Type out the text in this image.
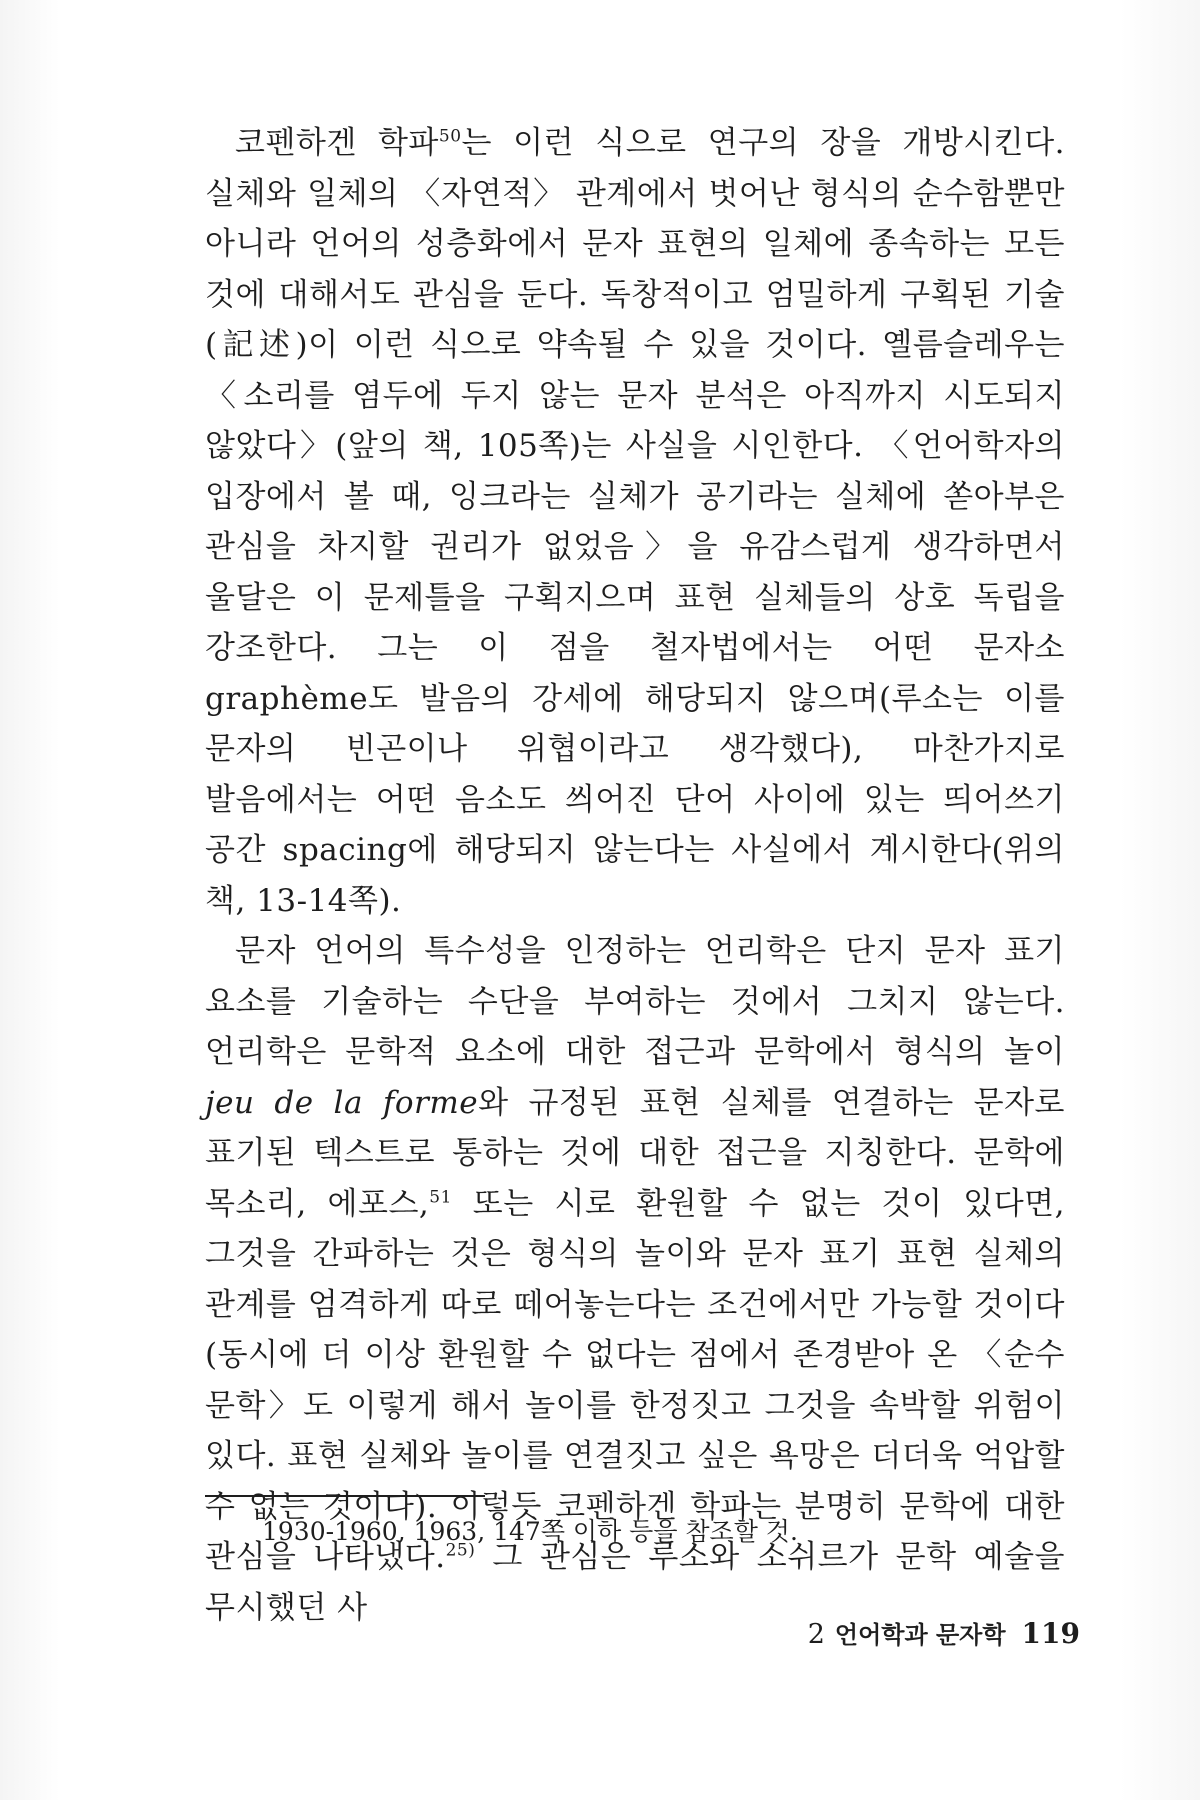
코펜하겐 학파$^{50}$는 이런 식으로 연구의 장을 개방시킨다. 실체와 일체의 〈자연적〉 관계에서 벗어난 형식의 순수함뿐만 아니라 언어의 성층화에서 문자 표현의 일체에 종속하는 모든 것에 대해서도 관심을 둔다. 독창적이고 엄밀하게 구획된 기술(記述)이 이런 식으로 약속될 수 있을 것이다. 옐름슬레우는 〈소리를 염두에 두지 않는 문자 분석은 아직까지 시도되지 않았다〉(앞의 책, 105쪽)는 사실을 시인한다. 〈언어학자의 입장에서 볼 때, 잉크라는 실체가 공기라는 실체에 쏟아부은 관심을 차지할 권리가 없었음〉을 유감스럽게 생각하면서 울달은 이 문제틀을 구획지으며 표현 실체들의 상호 독립을 강조한다. 그는 이 점을 철자법에서는 어떤 문자소 graphème도 발음의 강세에 해당되지 않으며(루소는 이를 문자의 빈곤이나 위협이라고 생각했다), 마찬가지로 발음에서는 어떤 음소도 씌어진 단어 사이에 있는 띄어쓰기 공간 spacing에 해당되지 않는다는 사실에서 계시한다(위의 책, 13-14쪽).

문자 언어의 특수성을 인정하는 언리학은 단지 문자 표기 요소를 기술하는 수단을 부여하는 것에서 그치지 않는다. 언리학은 문학적 요소에 대한 접근과 문학에서 형식의 놀이 jeu de la forme와 규정된 표현 실체를 연결하는 문자로 표기된 텍스트로 통하는 것에 대한 접근을 지칭한다. 문학에 목소리, 에포스,$^{51}$ 또는 시로 환원할 수 없는 것이 있다면, 그것을 간파하는 것은 형식의 놀이와 문자 표기 표현 실체의 관계를 엄격하게 따로 떼어놓는다는 조건에서만 가능할 것이다(동시에 더 이상 환원할 수 없다는 점에서 존경받아 온 〈순수 문학〉도 이렇게 해서 놀이를 한정짓고 그것을 속박할 위험이 있다. 표현 실체와 놀이를 연결짓고 싶은 욕망은 더더욱 억압할 수 없는 것이다). 이렇듯 코펜하겐 학파는 분명히 문학에 대한 관심을 나타냈다.$^{25)}$ 그 관심은 루소와 소쉬르가 문학 예술을 무시했던 사

1930-1960, 1963, 147쪽 이하 등을 참조할 것.

2 언어학과 문자학 119
